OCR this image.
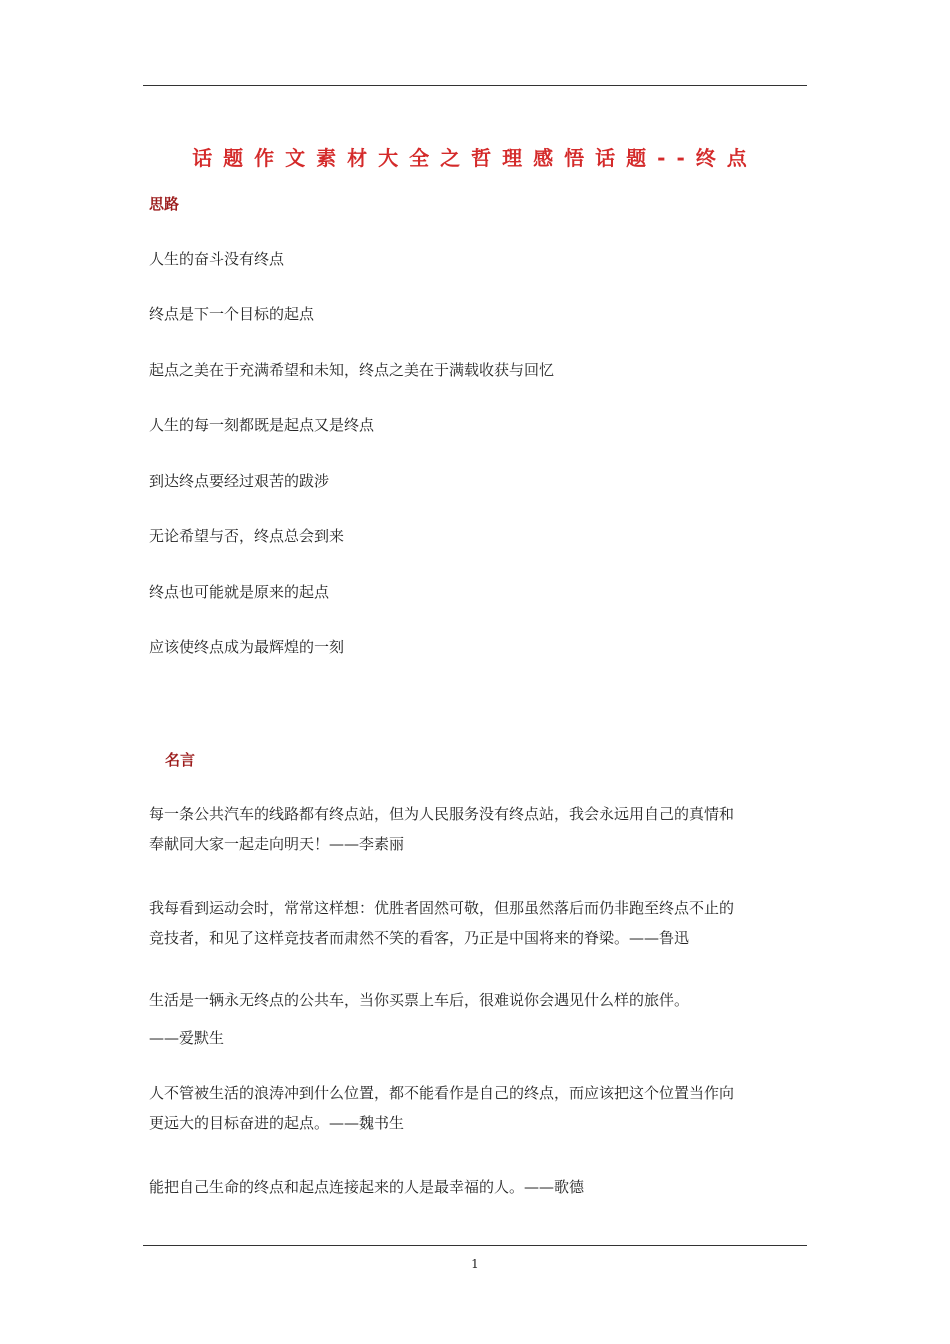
话题作文素材大全之哲理感悟话题--终点
思路
人生的奋斗没有终点
终点是下一个目标的起点
起点之美在于充满希望和未知，终点之美在于满载收获与回忆
人生的每一刻都既是起点又是终点
到达终点要经过艰苦的跋涉
无论希望与否，终点总会到来
终点也可能就是原来的起点
应该使终点成为最辉煌的一刻
名言
每一条公共汽车的线路都有终点站，但为人民服务没有终点站，我会永远用自己的真情和
奉献同大家一起走向明天！——李素丽
我每看到运动会时，常常这样想：优胜者固然可敬，但那虽然落后而仍非跑至终点不止的
竞技者，和见了这样竞技者而肃然不笑的看客，乃正是中国将来的脊梁。——鲁迅
生活是一辆永无终点的公共车，当你买票上车后，很难说你会遇见什么样的旅伴。
——爱默生
人不管被生活的浪涛冲到什么位置，都不能看作是自己的终点，而应该把这个位置当作向
更远大的目标奋进的起点。——魏书生
能把自己生命的终点和起点连接起来的人是最幸福的人。——歌德
1
